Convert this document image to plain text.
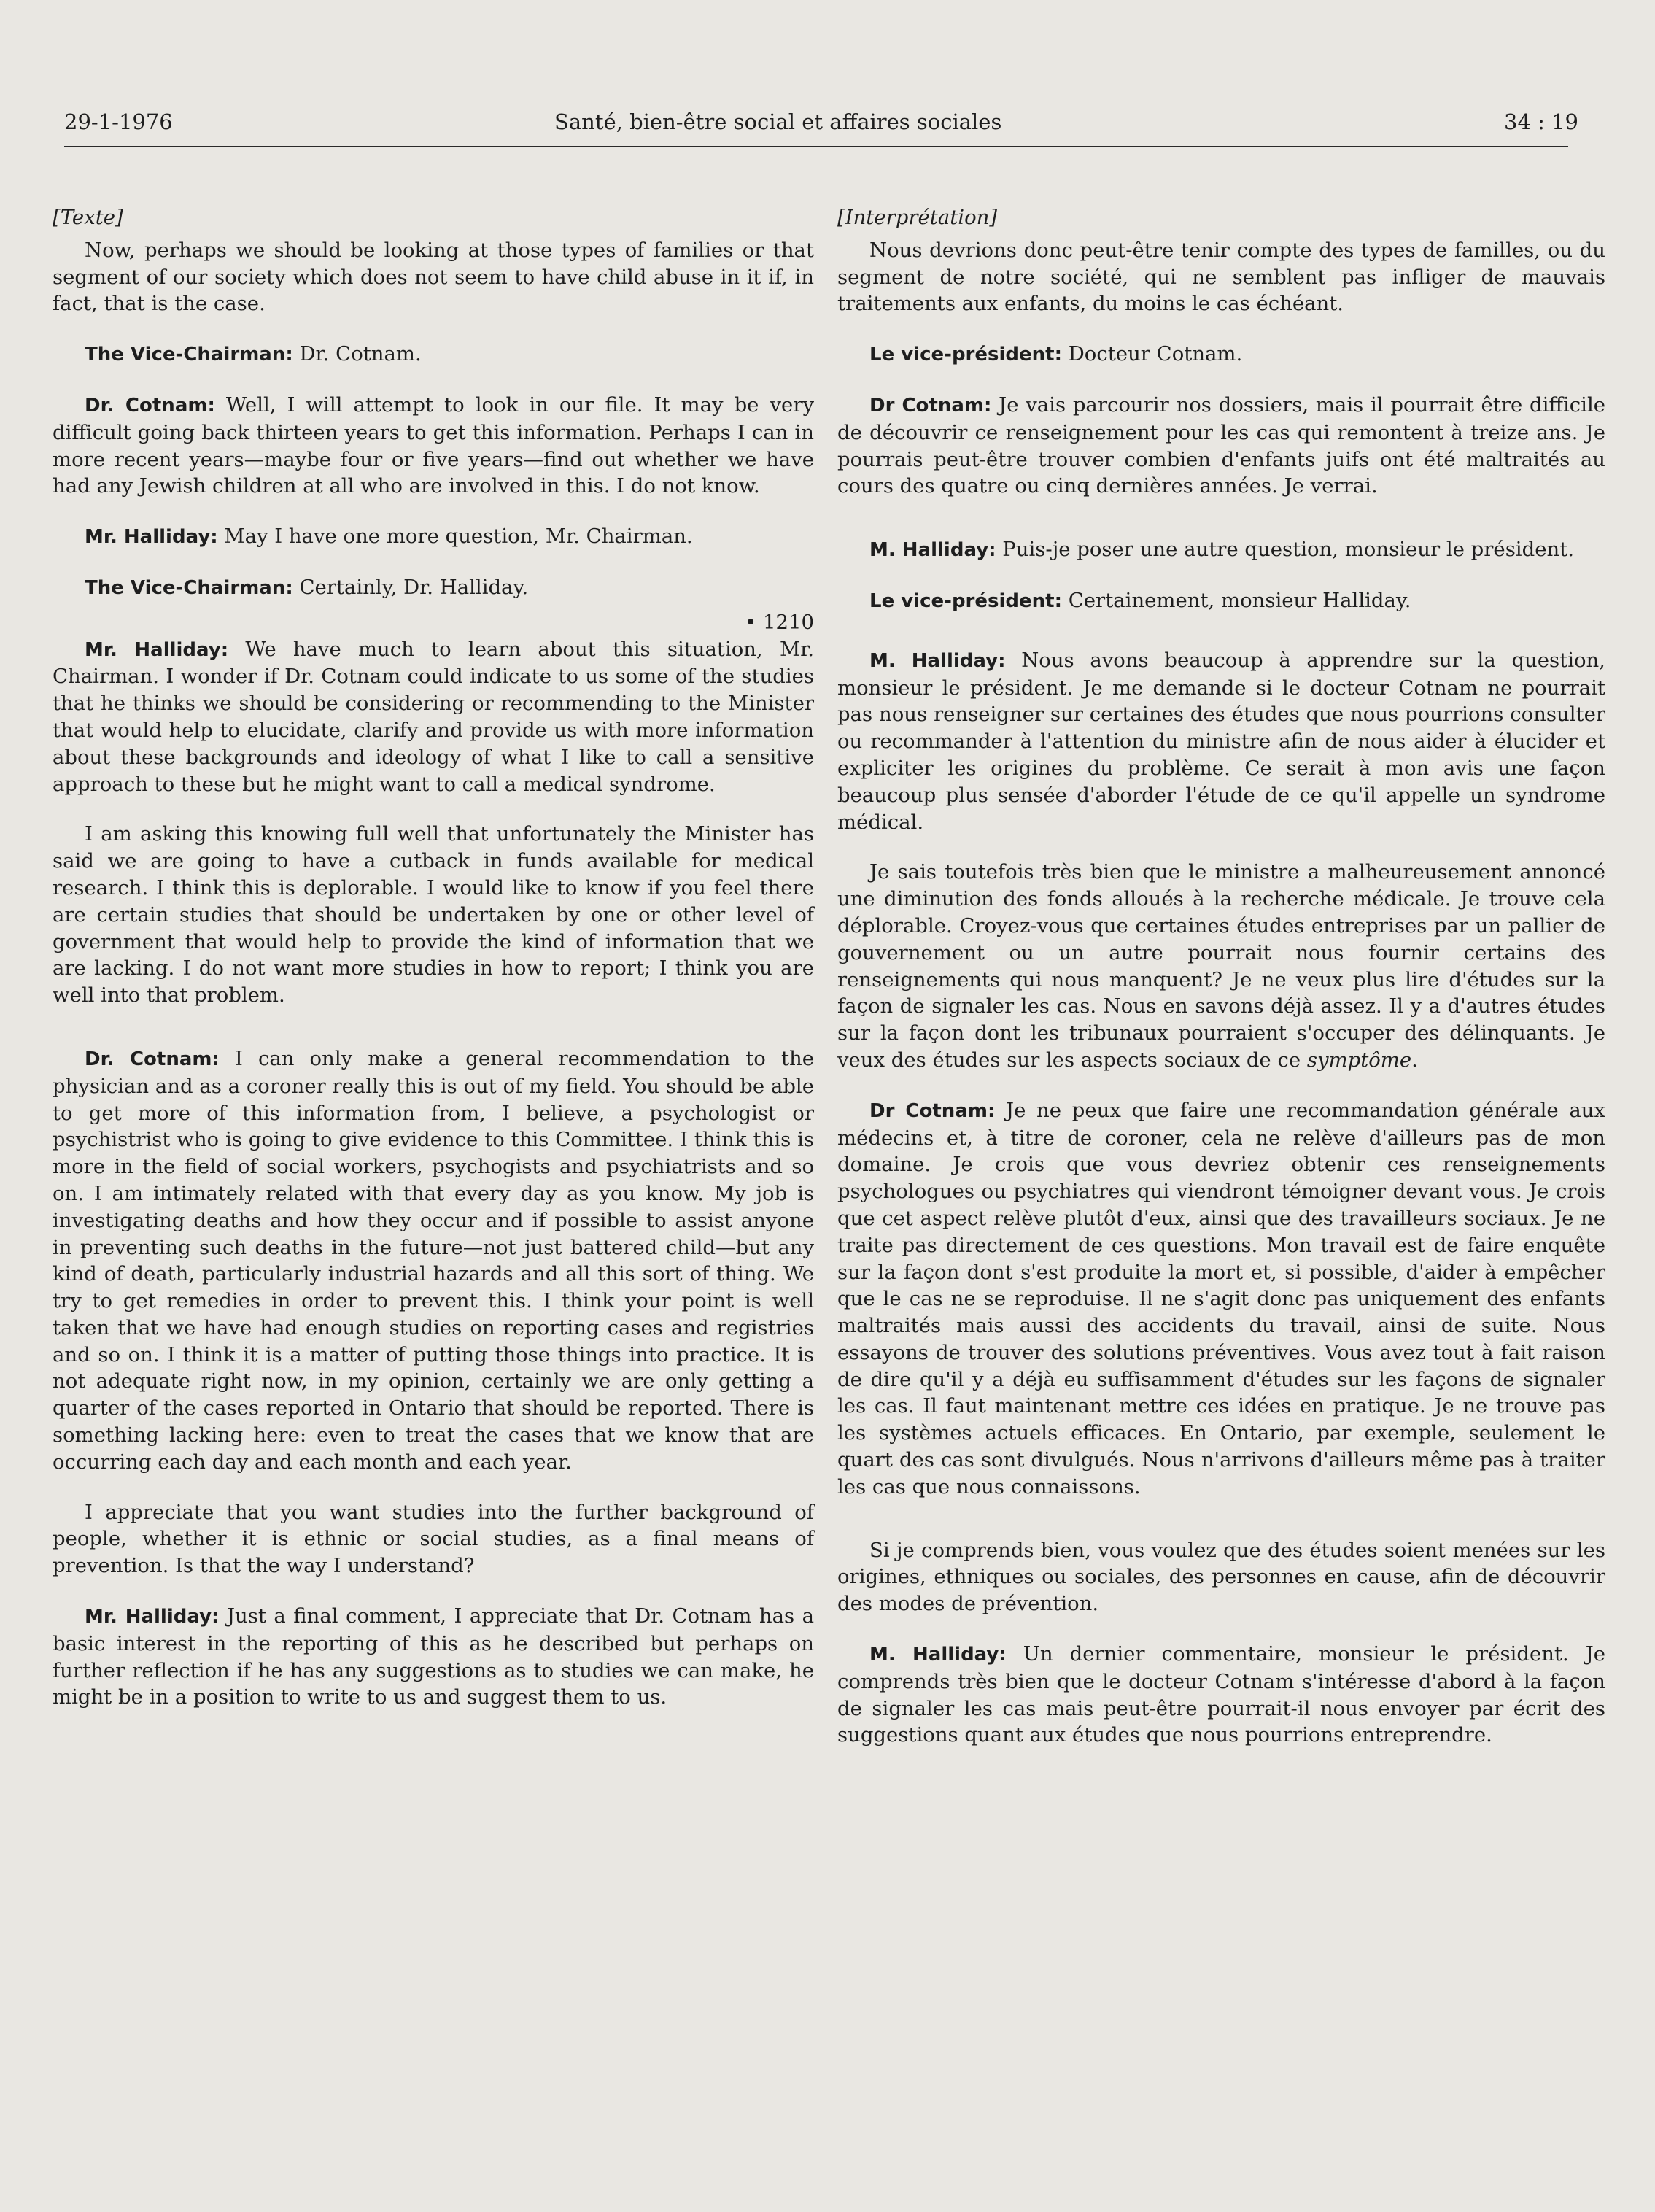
29-1-1976	Santé, bien-être social et affaires sociales	34 : 19

[Texte]

Now, perhaps we should be looking at those types of families or that segment of our society which does not seem to have child abuse in it if, in fact, that is the case.

The Vice-Chairman: Dr. Cotnam.

Dr. Cotnam: Well, I will attempt to look in our file. It may be very difficult going back thirteen years to get this information. Perhaps I can in more recent years—maybe four or five years—find out whether we have had any Jewish children at all who are involved in this. I do not know.

Mr. Halliday: May I have one more question, Mr. Chairman.

The Vice-Chairman: Certainly, Dr. Halliday.

• 1210

Mr. Halliday: We have much to learn about this situation, Mr. Chairman. I wonder if Dr. Cotnam could indicate to us some of the studies that he thinks we should be considering or recommending to the Minister that would help to elucidate, clarify and provide us with more information about these backgrounds and ideology of what I like to call a sensitive approach to these but he might want to call a medical syndrome.

I am asking this knowing full well that unfortunately the Minister has said we are going to have a cutback in funds available for medical research. I think this is deplorable. I would like to know if you feel there are certain studies that should be undertaken by one or other level of government that would help to provide the kind of information that we are lacking. I do not want more studies in how to report; I think you are well into that problem.

Dr. Cotnam: I can only make a general recommendation to the physician and as a coroner really this is out of my field. You should be able to get more of this information from, I believe, a psychologist or psychistrist who is going to give evidence to this Committee. I think this is more in the field of social workers, psychogists and psychiatrists and so on. I am intimately related with that every day as you know. My job is investigating deaths and how they occur and if possible to assist anyone in preventing such deaths in the future—not just battered child—but any kind of death, particularly industrial hazards and all this sort of thing. We try to get remedies in order to prevent this. I think your point is well taken that we have had enough studies on reporting cases and registries and so on. I think it is a matter of putting those things into practice. It is not adequate right now, in my opinion, certainly we are only getting a quarter of the cases reported in Ontario that should be reported. There is something lacking here: even to treat the cases that we know that are occurring each day and each month and each year.

I appreciate that you want studies into the further background of people, whether it is ethnic or social studies, as a final means of prevention. Is that the way I understand?

Mr. Halliday: Just a final comment, I appreciate that Dr. Cotnam has a basic interest in the reporting of this as he described but perhaps on further reflection if he has any suggestions as to studies we can make, he might be in a position to write to us and suggest them to us.

[Interprétation]

Nous devrions donc peut-être tenir compte des types de familles, ou du segment de notre société, qui ne semblent pas infliger de mauvais traitements aux enfants, du moins le cas échéant.

Le vice-président: Docteur Cotnam.

Dr Cotnam: Je vais parcourir nos dossiers, mais il pourrait être difficile de découvrir ce renseignement pour les cas qui remontent à treize ans. Je pourrais peut-être trouver combien d'enfants juifs ont été maltraités au cours des quatre ou cinq dernières années. Je verrai.

M. Halliday: Puis-je poser une autre question, monsieur le président.

Le vice-président: Certainement, monsieur Halliday.

M. Halliday: Nous avons beaucoup à apprendre sur la question, monsieur le président. Je me demande si le docteur Cotnam ne pourrait pas nous renseigner sur certaines des études que nous pourrions consulter ou recommander à l'attention du ministre afin de nous aider à élucider et expliciter les origines du problème. Ce serait à mon avis une façon beaucoup plus sensée d'aborder l'étude de ce qu'il appelle un syndrome médical.

Je sais toutefois très bien que le ministre a malheureusement annoncé une diminution des fonds alloués à la recherche médicale. Je trouve cela déplorable. Croyez-vous que certaines études entreprises par un pallier de gouvernement ou un autre pourrait nous fournir certains des renseignements qui nous manquent? Je ne veux plus lire d'études sur la façon de signaler les cas. Nous en savons déjà assez. Il y a d'autres études sur la façon dont les tribunaux pourraient s'occuper des délinquants. Je veux des études sur les aspects sociaux de ce symptôme.

Dr Cotnam: Je ne peux que faire une recommandation générale aux médecins et, à titre de coroner, cela ne relève d'ailleurs pas de mon domaine. Je crois que vous devriez obtenir ces renseignements psychologues ou psychiatres qui viendront témoigner devant vous. Je crois que cet aspect relève plutôt d'eux, ainsi que des travailleurs sociaux. Je ne traite pas directement de ces questions. Mon travail est de faire enquête sur la façon dont s'est produite la mort et, si possible, d'aider à empêcher que le cas ne se reproduise. Il ne s'agit donc pas uniquement des enfants maltraités mais aussi des accidents du travail, ainsi de suite. Nous essayons de trouver des solutions préventives. Vous avez tout à fait raison de dire qu'il y a déjà eu suffisamment d'études sur les façons de signaler les cas. Il faut maintenant mettre ces idées en pratique. Je ne trouve pas les systèmes actuels efficaces. En Ontario, par exemple, seulement le quart des cas sont divulgués. Nous n'arrivons d'ailleurs même pas à traiter les cas que nous connaissons.

Si je comprends bien, vous voulez que des études soient menées sur les origines, ethniques ou sociales, des personnes en cause, afin de découvrir des modes de prévention.

M. Halliday: Un dernier commentaire, monsieur le président. Je comprends très bien que le docteur Cotnam s'intéresse d'abord à la façon de signaler les cas mais peut-être pourrait-il nous envoyer par écrit des suggestions quant aux études que nous pourrions entreprendre.
